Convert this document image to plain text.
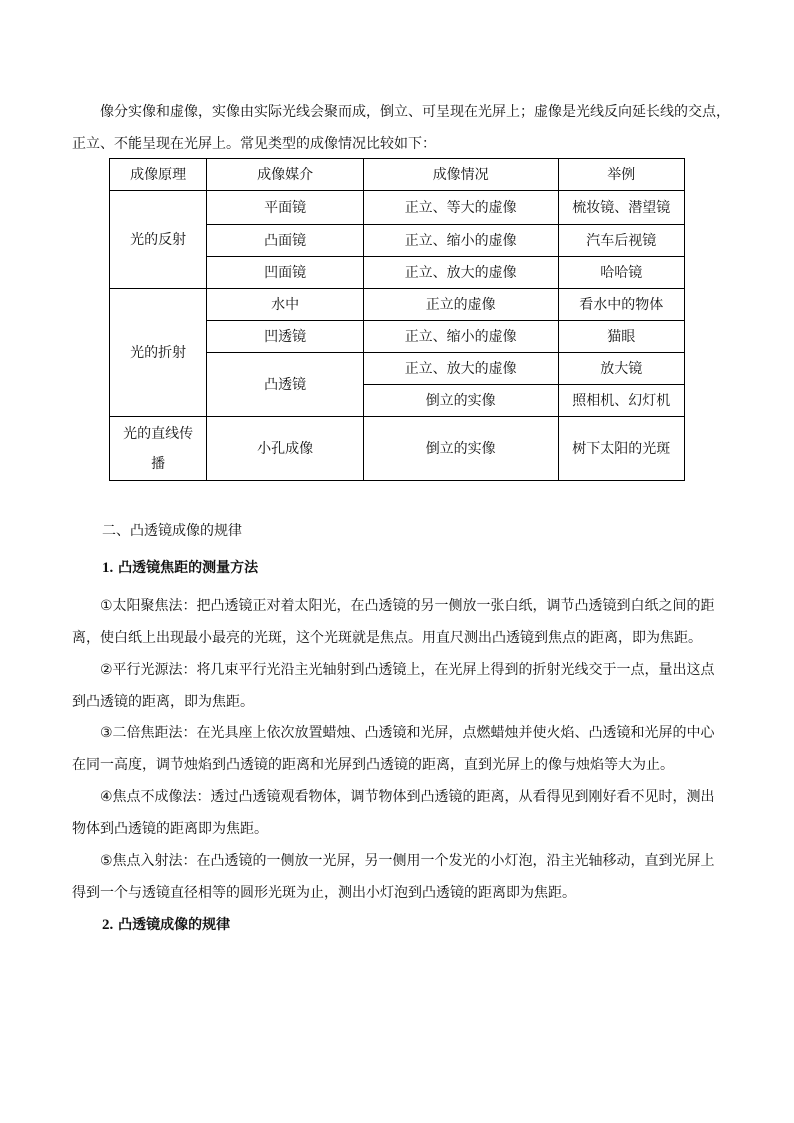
像分实像和虚像，实像由实际光线会聚而成，倒立、可呈现在光屏上；虚像是光线反向延长线的交点，
正立、不能呈现在光屏上。常见类型的成像情况比较如下：

成像原理	成像媒介	成像情况	举例
光的反射	平面镜	正立、等大的虚像	梳妆镜、潜望镜
	凸面镜	正立、缩小的虚像	汽车后视镜
	凹面镜	正立、放大的虚像	哈哈镜
光的折射	水中	正立的虚像	看水中的物体
	凹透镜	正立、缩小的虚像	猫眼
	凸透镜	正立、放大的虚像	放大镜
		倒立的实像	照相机、幻灯机
光的直线传
播	小孔成像	倒立的实像	树下太阳的光斑
二、凸透镜成像的规律
1. 凸透镜焦距的测量方法

①太阳聚焦法：把凸透镜正对着太阳光，在凸透镜的另一侧放一张白纸，调节凸透镜到白纸之间的距
离，使白纸上出现最小最亮的光斑，这个光斑就是焦点。用直尺测出凸透镜到焦点的距离，即为焦距。

②平行光源法：将几束平行光沿主光轴射到凸透镜上，在光屏上得到的折射光线交于一点，量出这点
到凸透镜的距离，即为焦距。

③二倍焦距法：在光具座上依次放置蜡烛、凸透镜和光屏，点燃蜡烛并使火焰、凸透镜和光屏的中心
在同一高度，调节烛焰到凸透镜的距离和光屏到凸透镜的距离，直到光屏上的像与烛焰等大为止。

④焦点不成像法：透过凸透镜观看物体，调节物体到凸透镜的距离，从看得见到刚好看不见时，测出
物体到凸透镜的距离即为焦距。

⑤焦点入射法：在凸透镜的一侧放一光屏，另一侧用一个发光的小灯泡，沿主光轴移动，直到光屏上
得到一个与透镜直径相等的圆形光斑为止，测出小灯泡到凸透镜的距离即为焦距。

2. 凸透镜成像的规律
